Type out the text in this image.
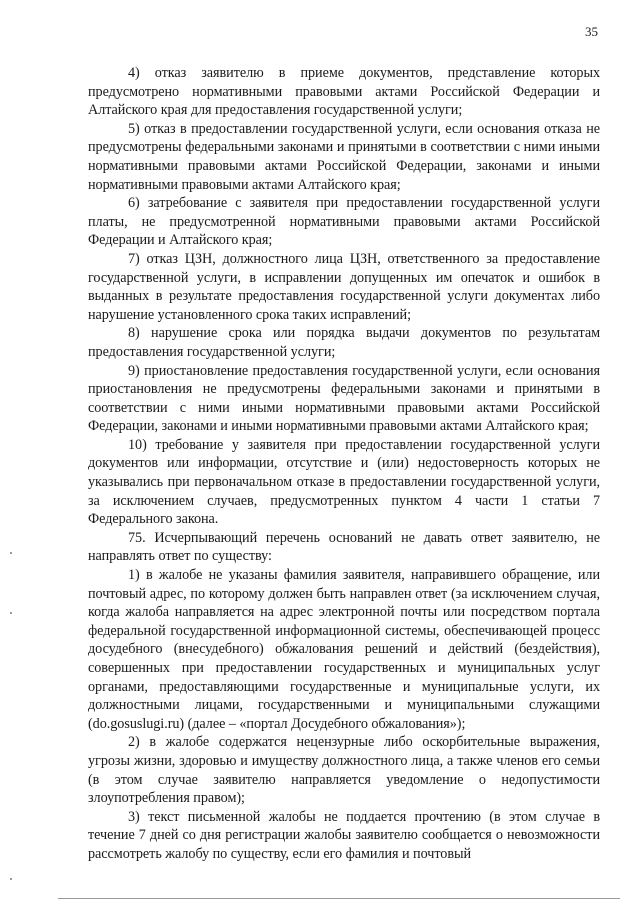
35

4) отказ заявителю в приеме документов, представление которых предусмотрено нормативными правовыми актами Российской Федерации и Алтайского края для предоставления государственной услуги;

5) отказ в предоставлении государственной услуги, если основания отказа не предусмотрены федеральными законами и принятыми в соответствии с ними иными нормативными правовыми актами Российской Федерации, законами и иными нормативными правовыми актами Алтайского края;

6) затребование с заявителя при предоставлении государственной услуги платы, не предусмотренной нормативными правовыми актами Российской Федерации и Алтайского края;

7) отказ ЦЗН, должностного лица ЦЗН, ответственного за предоставление государственной услуги, в исправлении допущенных им опечаток и ошибок в выданных в результате предоставления государственной услуги документах либо нарушение установленного срока таких исправлений;

8) нарушение срока или порядка выдачи документов по результатам предоставления государственной услуги;

9) приостановление предоставления государственной услуги, если основания приостановления не предусмотрены федеральными законами и принятыми в соответствии с ними иными нормативными правовыми актами Российской Федерации, законами и иными нормативными правовыми актами Алтайского края;

10) требование у заявителя при предоставлении государственной услуги документов или информации, отсутствие и (или) недостоверность которых не указывались при первоначальном отказе в предоставлении государственной услуги, за исключением случаев, предусмотренных пунктом 4 части 1 статьи 7 Федерального закона.

75. Исчерпывающий перечень оснований не давать ответ заявителю, не направлять ответ по существу:

1) в жалобе не указаны фамилия заявителя, направившего обращение, или почтовый адрес, по которому должен быть направлен ответ (за исключением случая, когда жалоба направляется на адрес электронной почты или посредством портала федеральной государственной информационной системы, обеспечивающей процесс досудебного (внесудебного) обжалования решений и действий (бездействия), совершенных при предоставлении государственных и муниципальных услуг органами, предоставляющими государственные и муниципальные услуги, их должностными лицами, государственными и муниципальными служащими (do.gosuslugi.ru) (далее – «портал Досудебного обжалования»);

2) в жалобе содержатся нецензурные либо оскорбительные выражения, угрозы жизни, здоровью и имуществу должностного лица, а также членов его семьи (в этом случае заявителю направляется уведомление о недопустимости злоупотребления правом);

3) текст письменной жалобы не поддается прочтению (в этом случае в течение 7 дней со дня регистрации жалобы заявителю сообщается о невозможности рассмотреть жалобу по существу, если его фамилия и почтовый
